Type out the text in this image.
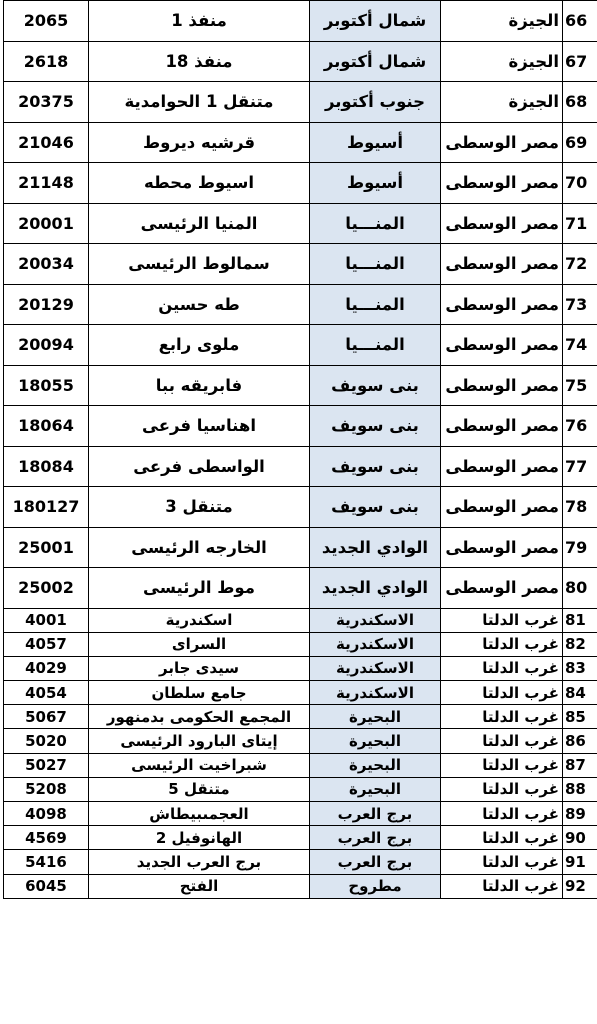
2065	منفذ 1	شمال أكتوبر	الجيزة	66
2618	منفذ 18	شمال أكتوبر	الجيزة	67
20375	متنقل 1 الحوامدية	جنوب أكتوبر	الجيزة	68
21046	قرشيه ديروط	أسيوط	مصر الوسطى	69
21148	اسيوط محطه	أسيوط	مصر الوسطى	70
20001	المنيا الرئيسى	المنـــيا	مصر الوسطى	71
20034	سمالوط الرئيسى	المنـــيا	مصر الوسطى	72
20129	طه حسين	المنـــيا	مصر الوسطى	73
20094	ملوى رابع	المنـــيا	مصر الوسطى	74
18055	فابريقه ببا	بنى سويف	مصر الوسطى	75
18064	اهناسيا فرعى	بنى سويف	مصر الوسطى	76
18084	الواسطى فرعى	بنى سويف	مصر الوسطى	77
180127	متنقل 3	بنى سويف	مصر الوسطى	78
25001	الخارجه الرئيسى	الوادي الجديد	مصر الوسطى	79
25002	موط الرئيسى	الوادي الجديد	مصر الوسطى	80
4001	اسكندرية	الاسكندرية	غرب الدلتا	81
4057	السراى	الاسكندرية	غرب الدلتا	82
4029	سيدى جابر	الاسكندرية	غرب الدلتا	83
4054	جامع سلطان	الاسكندرية	غرب الدلتا	84
5067	المجمع الحكومى بدمنهور	البحيرة	غرب الدلتا	85
5020	إيتاى البارود الرئيسى	البحيرة	غرب الدلتا	86
5027	شبراخيت الرئيسى	البحيرة	غرب الدلتا	87
5208	متنقل 5	البحيرة	غرب الدلتا	88
4098	العجمىبيطاش	برج العرب	غرب الدلتا	89
4569	الهانوفيل 2	برج العرب	غرب الدلتا	90
5416	برج العرب الجديد	برج العرب	غرب الدلتا	91
6045	الفتح	مطروح	غرب الدلتا	92
